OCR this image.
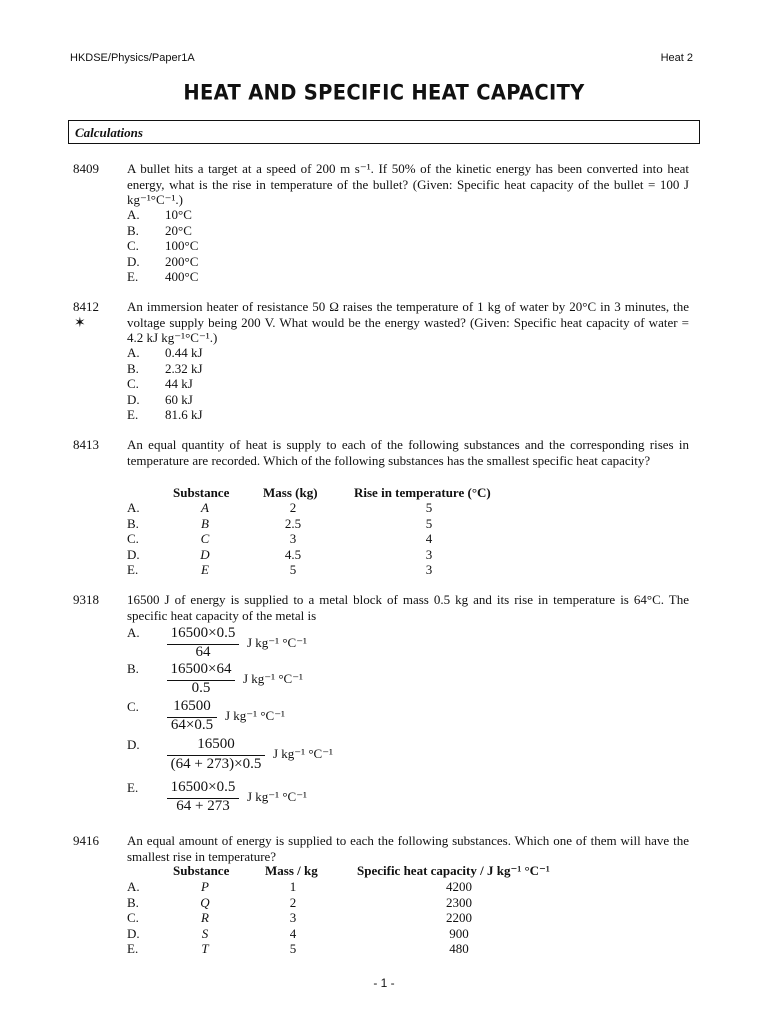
HKDSE/Physics/Paper1A	Heat 2
HEAT AND SPECIFIC HEAT CAPACITY
Calculations
8409 A bullet hits a target at a speed of 200 m s⁻¹. If 50% of the kinetic energy has been converted into heat energy, what is the rise in temperature of the bullet? (Given: Specific heat capacity of the bullet = 100 J kg⁻¹°C⁻¹.)
A. 10°C
B. 20°C
C. 100°C
D. 200°C
E. 400°C
8412
✶
An immersion heater of resistance 50 Ω raises the temperature of 1 kg of water by 20°C in 3 minutes, the voltage supply being 200 V. What would be the energy wasted? (Given: Specific heat capacity of water = 4.2 kJ kg⁻¹°C⁻¹.)
A. 0.44 kJ
B. 2.32 kJ
C. 44 kJ
D. 60 kJ
E. 81.6 kJ
8413 An equal quantity of heat is supply to each of the following substances and the corresponding rises in temperature are recorded. Which of the following substances has the smallest specific heat capacity?
Substance	Mass (kg)	Rise in temperature (°C)
A.	A	2	5
B.	B	2.5	5
C.	C	3	4
D.	D	4.5	3
E.	E	5	3
9318 16500 J of energy is supplied to a metal block of mass 0.5 kg and its rise in temperature is 64°C. The specific heat capacity of the metal is
A.	16500×0.5
64
J kg⁻¹ °C⁻¹
B.	16500×64
0.5
J kg⁻¹ °C⁻¹
C.	16500
64×0.5
J kg⁻¹ °C⁻¹
D.	16500
(64 + 273)×0.5
J kg⁻¹ °C⁻¹
E.	16500×0.5
64 + 273
J kg⁻¹ °C⁻¹
9416 An equal amount of energy is supplied to each the following substances. Which one of them will have the smallest rise in temperature?
Substance	Mass / kg	Specific heat capacity / J kg⁻¹ °C⁻¹
A.	P	1	4200
B.	Q	2	2300
C.	R	3	2200
D.	S	4	900
E.	T	5	480
- 1 -
